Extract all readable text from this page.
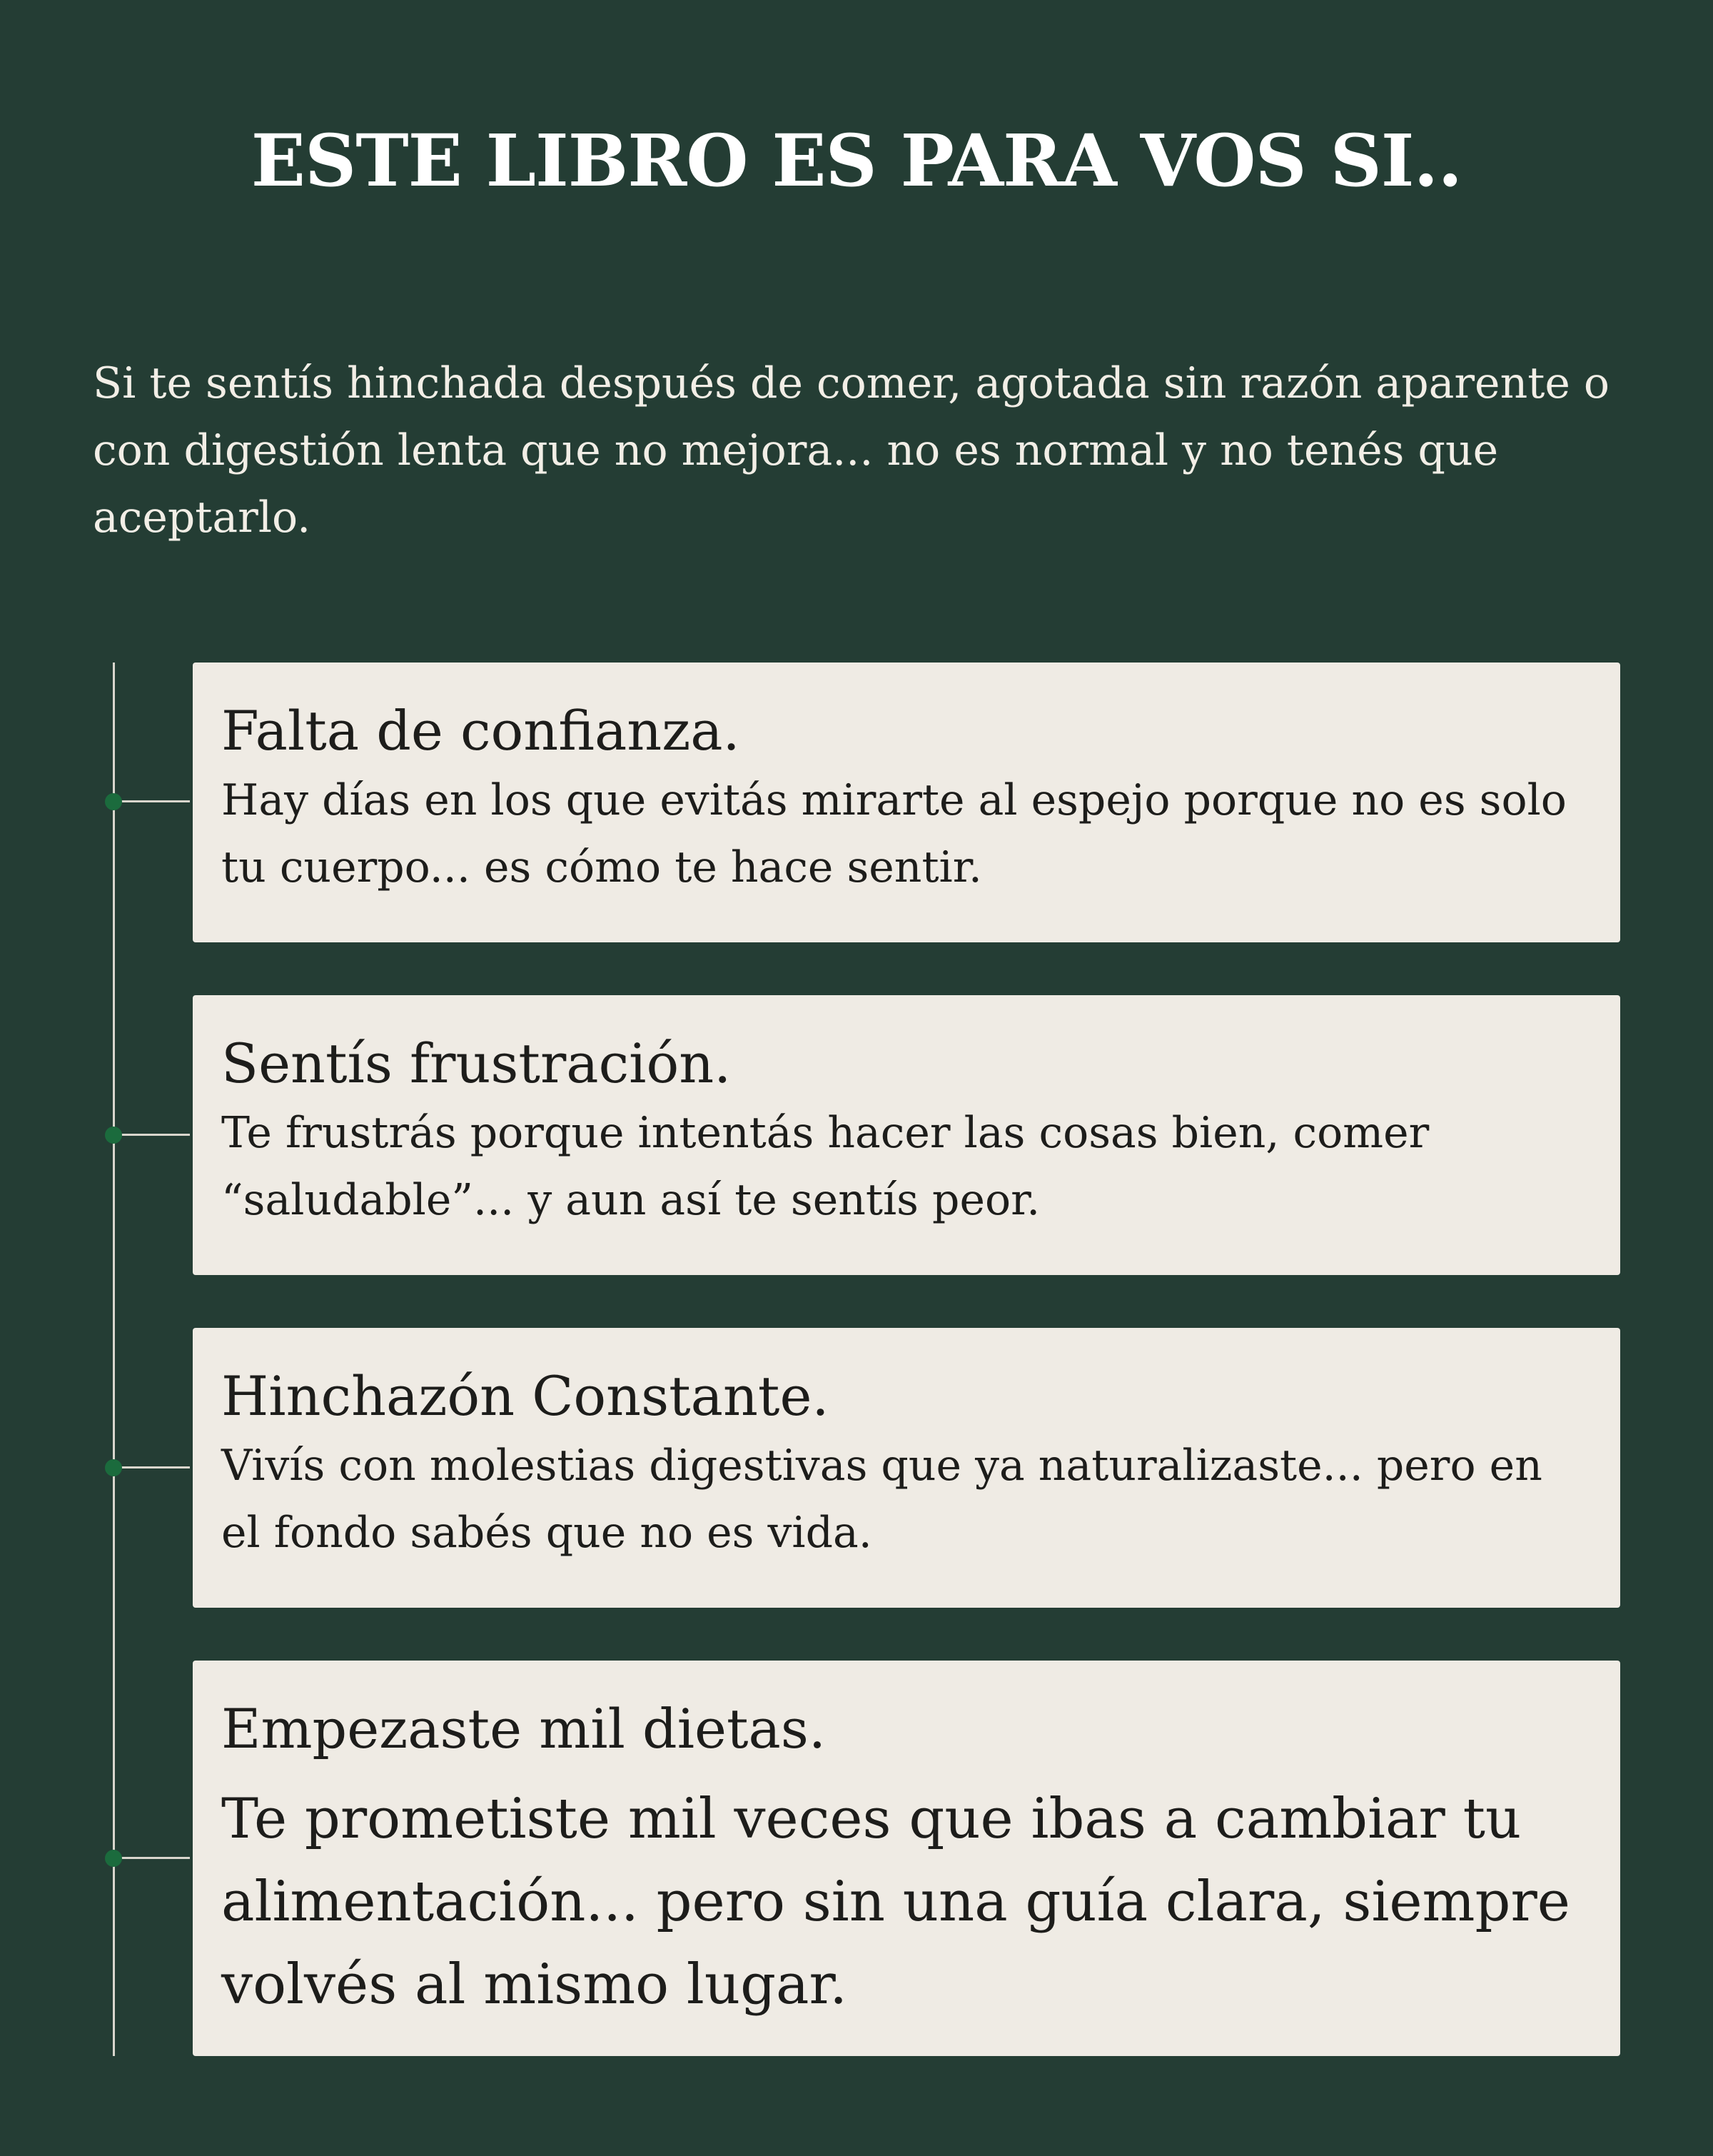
ESTE LIBRO ES PARA VOS SI..
Si te sentís hinchada después de comer, agotada sin razón aparente o con digestión lenta que no mejora... no es normal y no tenés que aceptarlo.
Falta de confianza.
Hay días en los que evitás mirarte al espejo porque no es solo tu cuerpo... es cómo te hace sentir.
Sentís frustración.
Te frustrás porque intentás hacer las cosas bien, comer “saludable”... y aun así te sentís peor.
Hinchazón Constante.
Vivís con molestias digestivas que ya naturalizaste... pero en el fondo sabés que no es vida.
Empezaste mil dietas.
Te prometiste mil veces que ibas a cambiar tu alimentación... pero sin una guía clara, siempre volvés al mismo lugar.
